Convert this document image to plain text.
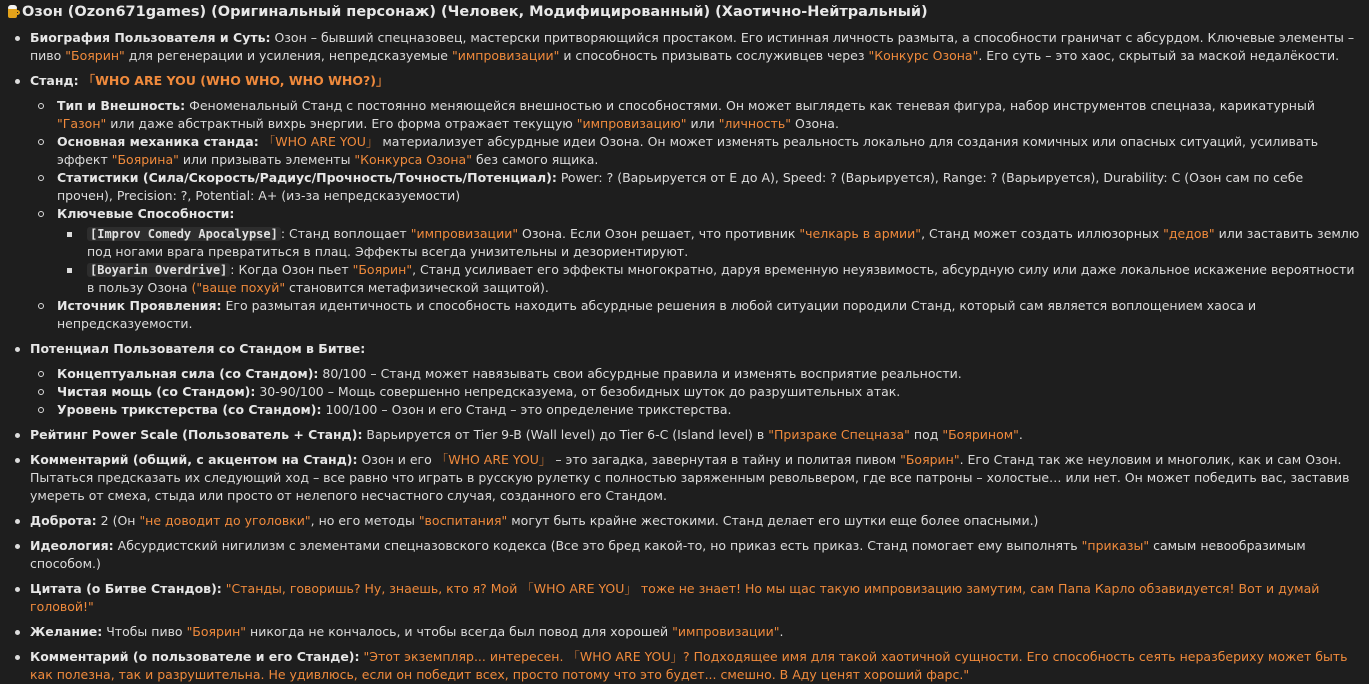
Озон (Ozon671games) (Оригинальный персонаж) (Человек, Модифицированный) (Хаотично-Нейтральный)
Биография Пользователя и Суть: Озон – бывший спецназовец, мастерски притворяющийся простаком. Его истинная личность размыта, а способности граничат с абсурдом. Ключевые элементы – пиво "Боярин" для регенерации и усиления, непредсказуемые "импровизации" и способность призывать сослуживцев через "Конкурс Озона". Его суть – это хаос, скрытый за маской недалёкости.
Станд: 「WHO ARE YOU (WHO WHO, WHO WHO?)」
Тип и Внешность: Феноменальный Станд с постоянно меняющейся внешностью и способностями. Он может выглядеть как теневая фигура, набор инструментов спецназа, карикатурный "Газон" или даже абстрактный вихрь энергии. Его форма отражает текущую "импровизацию" или "личность" Озона.
Основная механика станда: 「WHO ARE YOU」 материализует абсурдные идеи Озона. Он может изменять реальность локально для создания комичных или опасных ситуаций, усиливать эффект "Боярина" или призывать элементы "Конкурса Озона" без самого ящика.
Статистики (Сила/Скорость/Радиус/Прочность/Точность/Потенциал): Power: ? (Варьируется от E до A), Speed: ? (Варьируется), Range: ? (Варьируется), Durability: C (Озон сам по себе прочен), Precision: ?, Potential: A+ (из-за непредсказуемости)
Ключевые Способности:
[Improv Comedy Apocalypse] : Станд воплощает "импровизации" Озона. Если Озон решает, что противник "челкарь в армии", Станд может создать иллюзорных "дедов" или заставить землю под ногами врага превратиться в плац. Эффекты всегда унизительны и дезориентируют.
[Boyarin Overdrive] : Когда Озон пьет "Боярин", Станд усиливает его эффекты многократно, даруя временную неуязвимость, абсурдную силу или даже локальное искажение вероятности в пользу Озона ("ваще похуй" становится метафизической защитой).
Источник Проявления: Его размытая идентичность и способность находить абсурдные решения в любой ситуации породили Станд, который сам является воплощением хаоса и непредсказуемости.
Потенциал Пользователя со Стандом в Битве:
Концептуальная сила (со Стандом): 80/100 – Станд может навязывать свои абсурдные правила и изменять восприятие реальности.
Чистая мощь (со Стандом): 30-90/100 – Мощь совершенно непредсказуема, от безобидных шуток до разрушительных атак.
Уровень трикстерства (со Стандом): 100/100 – Озон и его Станд – это определение трикстерства.
Рейтинг Power Scale (Пользователь + Станд): Варьируется от Tier 9-B (Wall level) до Tier 6-C (Island level) в "Призраке Спецназа" под "Боярином".
Комментарий (общий, с акцентом на Станд): Озон и его 「WHO ARE YOU」 – это загадка, завернутая в тайну и политая пивом "Боярин". Его Станд так же неуловим и многолик, как и сам Озон. Пытаться предсказать их следующий ход – все равно что играть в русскую рулетку с полностью заряженным револьвером, где все патроны – холостые… или нет. Он может победить вас, заставив умереть от смеха, стыда или просто от нелепого несчастного случая, созданного его Стандом.
Доброта: 2 (Он "не доводит до уголовки", но его методы "воспитания" могут быть крайне жестокими. Станд делает его шутки еще более опасными.)
Идеология: Абсурдистский нигилизм с элементами спецназовского кодекса (Все это бред какой-то, но приказ есть приказ. Станд помогает ему выполнять "приказы" самым невообразимым способом.)
Цитата (о Битве Стандов): "Станды, говоришь? Ну, знаешь, кто я? Мой 「WHO ARE YOU」 тоже не знает! Но мы щас такую импровизацию замутим, сам Папа Карло обзавидуется! Вот и думай головой!"
Желание: Чтобы пиво "Боярин" никогда не кончалось, и чтобы всегда был повод для хорошей "импровизации".
Комментарий (о пользователе и его Станде): "Этот экземпляр... интересен. 「WHO ARE YOU」? Подходящее имя для такой хаотичной сущности. Его способность сеять неразбериху может быть как полезна, так и разрушительна. Не удивлюсь, если он победит всех, просто потому что это будет... смешно. В Аду ценят хороший фарс."
